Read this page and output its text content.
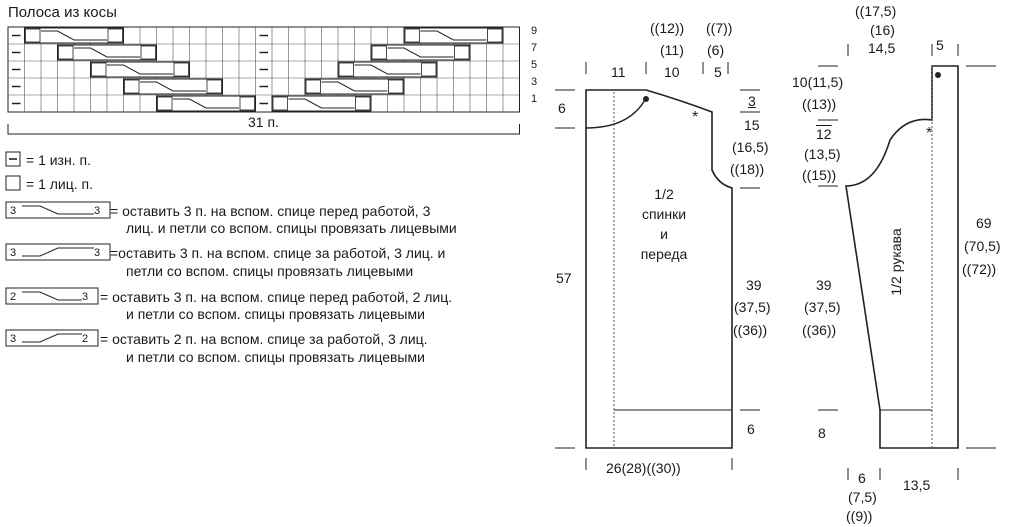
Полоса из косы
*
*
31 п.
9
7
5
3
1
= 1 изн. п.
= 1 лиц. п.
= оставить 3 п. на вспом. спице перед работой, 3
лиц. и петли со вспом. спицы провязать лицевыми
=оставить 3 п. на вспом. спице за работой, 3 лиц. и
петли со вспом. спицы провязать лицевыми
= оставить 3 п. на вспом. спице перед работой, 2 лиц.
и петли со вспом. спицы провязать лицевыми
= оставить 2 п. на вспом. спице за работой, 3 лиц.
и петли со вспом. спицы провязать лицевыми
3	3
3	3
2	3
3	2
((12)) ((7))
(11) (6)
11	10 5
6
57
3
15
(16,5)
((18))
39
(37,5)
((36))
6
26(28)((30))
1/2
спинки
и
переда
((17,5)
(16)
14,5	5
10(11,5)
((13))
12
(13,5)
((15))
69
(70,5)
((72))
39
(37,5)
((36))
8
6
(7,5)
((9))
13,5
1/2 рукава
